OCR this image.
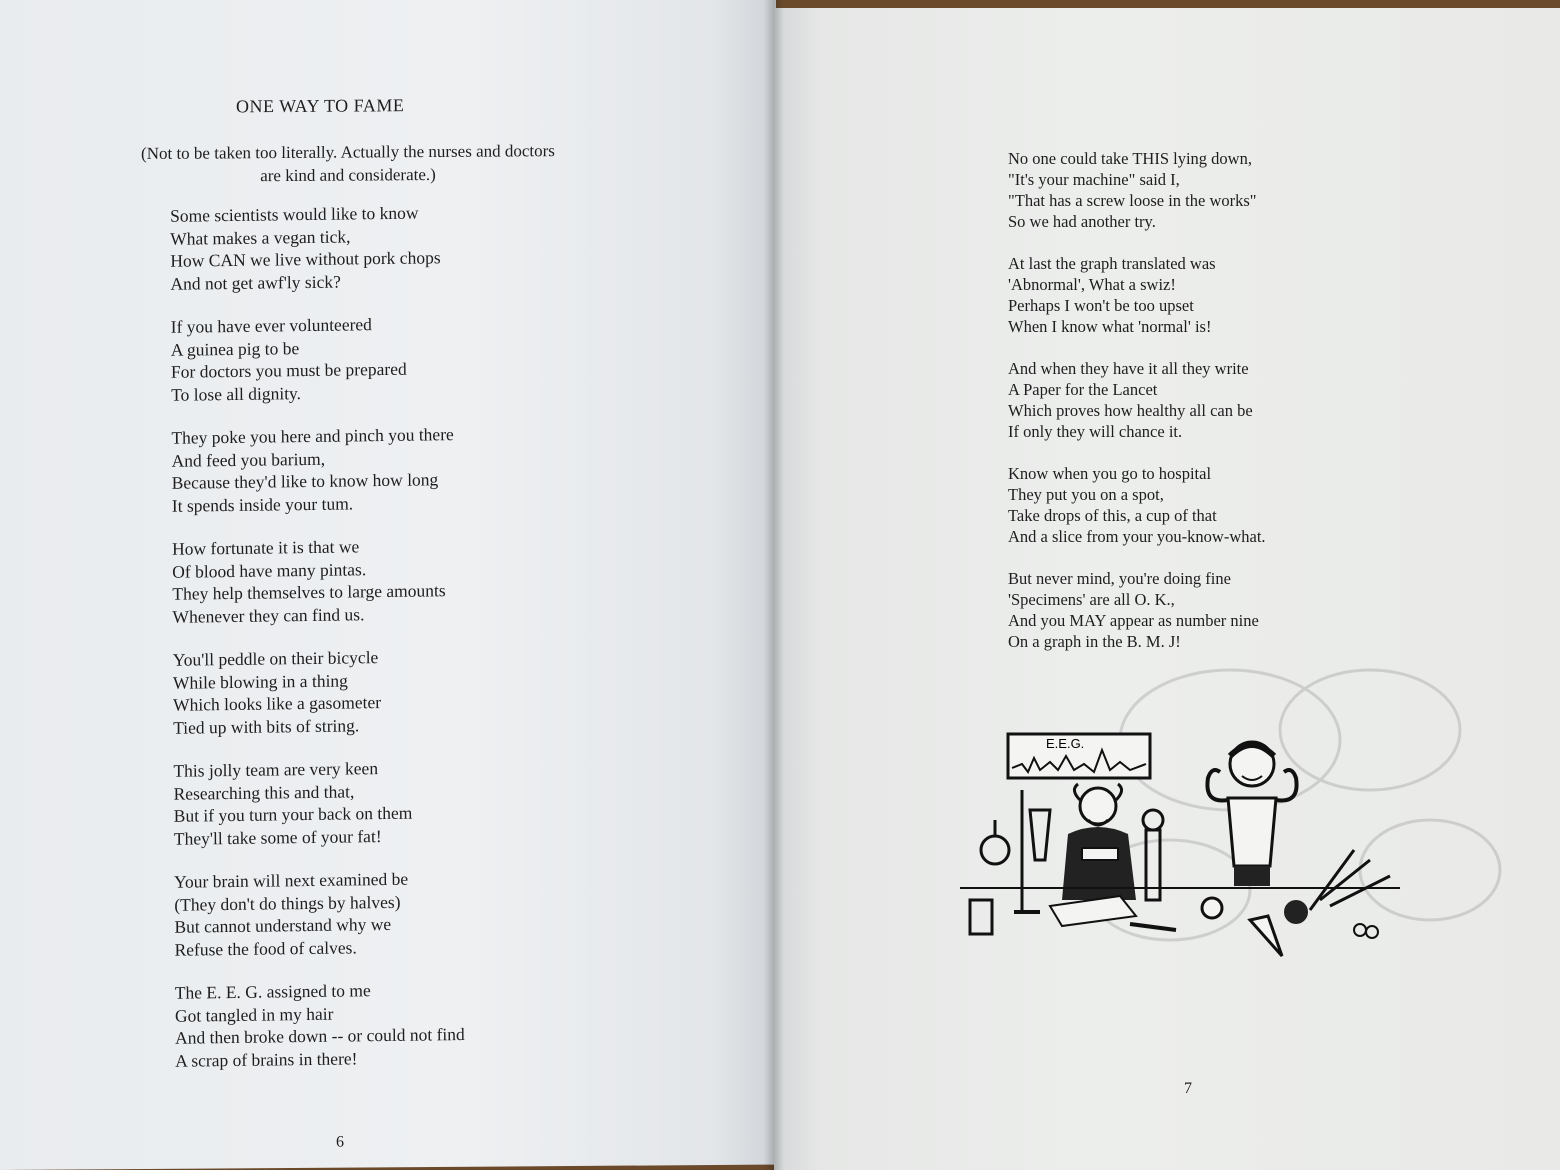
ONE WAY TO FAME
(Not to be taken too literally. Actually the nurses and doctors
are kind and considerate.)
Some scientists would like to know
What makes a vegan tick,
How CAN we live without pork chops
And not get awf'ly sick?
If you have ever volunteered
A guinea pig to be
For doctors you must be prepared
To lose all dignity.
They poke you here and pinch you there
And feed you barium,
Because they'd like to know how long
It spends inside your tum.
How fortunate it is that we
Of blood have many pintas.
They help themselves to large amounts
Whenever they can find us.
You'll peddle on their bicycle
While blowing in a thing
Which looks like a gasometer
Tied up with bits of string.
This jolly team are very keen
Researching this and that,
But if you turn your back on them
They'll take some of your fat!
Your brain will next examined be
(They don't do things by halves)
But cannot understand why we
Refuse the food of calves.
The E. E. G. assigned to me
Got tangled in my hair
And then broke down -- or could not find
A scrap of brains in there!
6
No one could take THIS lying down,
"It's your machine" said I,
"That has a screw loose in the works"
So we had another try.
At last the graph translated was
'Abnormal', What a swiz!
Perhaps I won't be too upset
When I know what 'normal' is!
And when they have it all they write
A Paper for the Lancet
Which proves how healthy all can be
If only they will chance it.
Know when you go to hospital
They put you on a spot,
Take drops of this, a cup of that
And a slice from your you-know-what.
But never mind, you're doing fine
'Specimens' are all O. K.,
And you MAY appear as number nine
On a graph in the B. M. J!
E.E.G.
7
